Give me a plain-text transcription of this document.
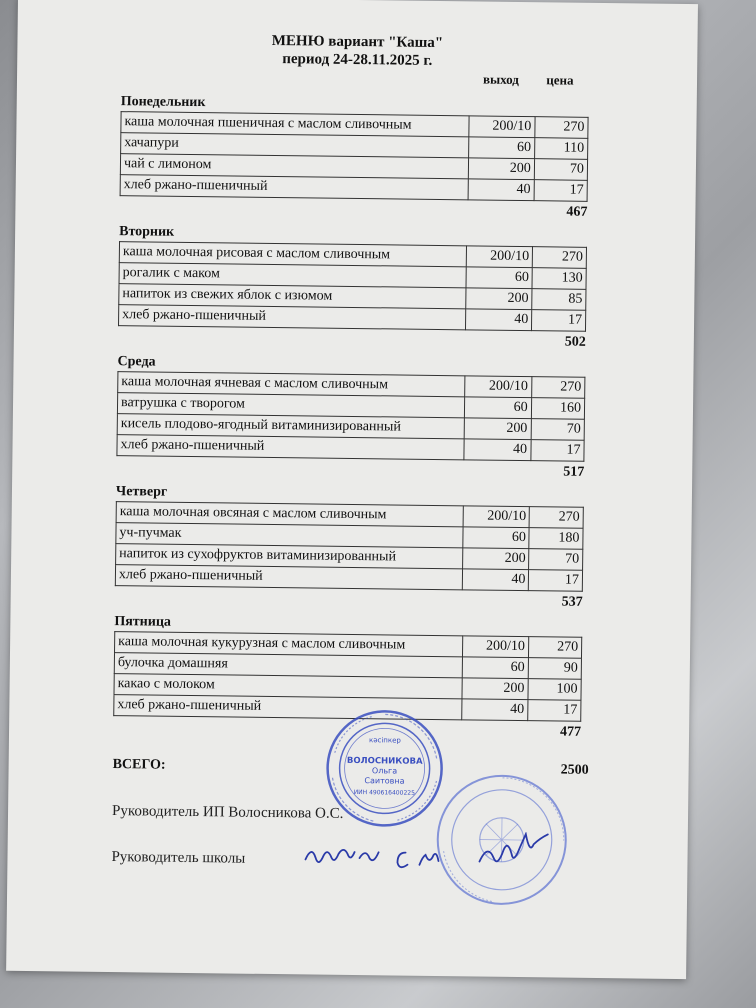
МЕНЮ вариант "Каша"
период 24-28.11.2025 г.
выход цена
Понедельник
каша молочная пшеничная с маслом сливочным	200/10	270
хачапури	60	110
чай с лимоном	200	70
хлеб ржано-пшеничный	40	17
467
Вторник
каша молочная рисовая с маслом сливочным	200/10	270
рогалик с маком	60	130
напиток из свежих яблок с изюмом	200	85
хлеб ржано-пшеничный	40	17
502
Среда
каша молочная ячневая с маслом сливочным	200/10	270
ватрушка с творогом	60	160
кисель плодово-ягодный витаминизированный	200	70
хлеб ржано-пшеничный	40	17
517
Четверг
каша молочная овсяная с маслом сливочным	200/10	270
уч-пучмак	60	180
напиток из сухофруктов витаминизированный	200	70
хлеб ржано-пшеничный	40	17
537
Пятница
каша молочная кукурузная с маслом сливочным	200/10	270
булочка домашняя	60	90
какао с молоком	200	100
хлеб ржано-пшеничный	40	17
477
ВСЕГО:	2500
Руководитель ИП Волосникова О.С.
Руководитель школы
кәсіпкер
ВОЛОСНИКОВА
Ольга
Саитовна
ИИН 490616400225
